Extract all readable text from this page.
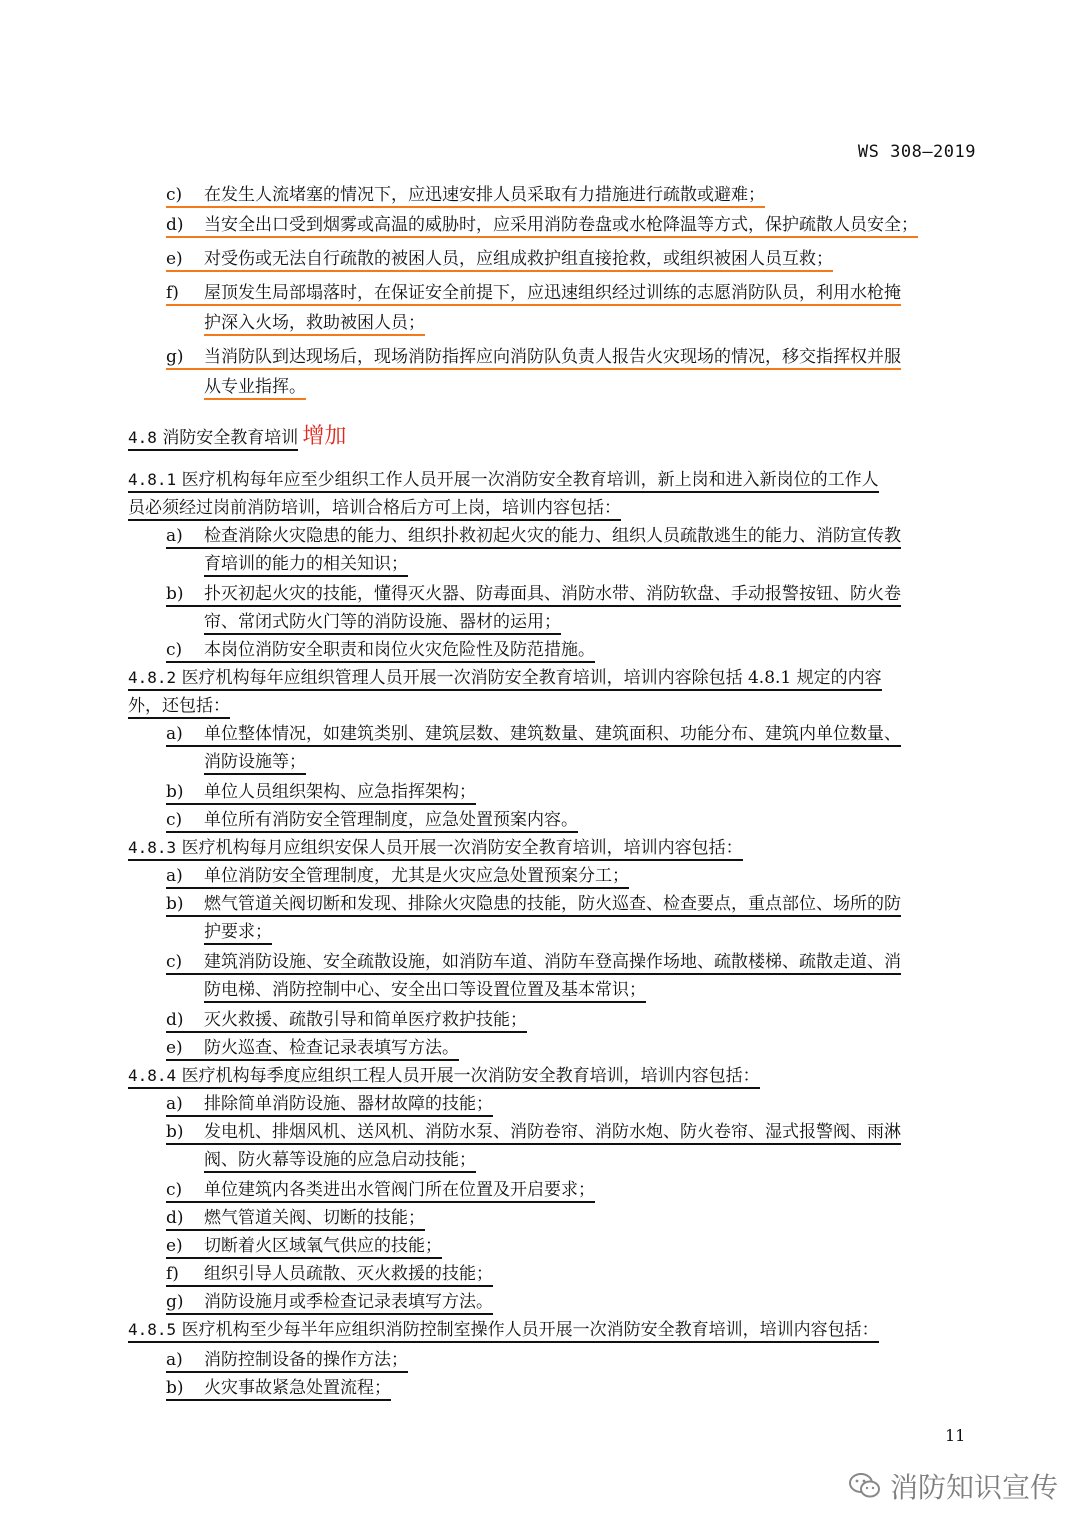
WS 308—2019
c) 在发生人流堵塞的情况下，应迅速安排人员采取有力措施进行疏散或避难；
d) 当安全出口受到烟雾或高温的威胁时，应采用消防卷盘或水枪降温等方式，保护疏散人员安全；
e) 对受伤或无法自行疏散的被困人员，应组成救护组直接抢救，或组织被困人员互救；
f) 屋顶发生局部塌落时，在保证安全前提下，应迅速组织经过训练的志愿消防队员，利用水枪掩
护深入火场，救助被困人员；
g) 当消防队到达现场后，现场消防指挥应向消防队负责人报告火灾现场的情况，移交指挥权并服
从专业指挥。
4.8 消防安全教育培训 增加
4.8.1 医疗机构每年应至少组织工作人员开展一次消防安全教育培训，新上岗和进入新岗位的工作人
员必须经过岗前消防培训，培训合格后方可上岗，培训内容包括：
a) 检查消除火灾隐患的能力、组织扑救初起火灾的能力、组织人员疏散逃生的能力、消防宣传教
育培训的能力的相关知识；
b) 扑灭初起火灾的技能，懂得灭火器、防毒面具、消防水带、消防软盘、手动报警按钮、防火卷
帘、常闭式防火门等的消防设施、器材的运用；
c) 本岗位消防安全职责和岗位火灾危险性及防范措施。
4.8.2 医疗机构每年应组织管理人员开展一次消防安全教育培训，培训内容除包括 4.8.1 规定的内容
外，还包括：
a) 单位整体情况，如建筑类别、建筑层数、建筑数量、建筑面积、功能分布、建筑内单位数量、
消防设施等；
b) 单位人员组织架构、应急指挥架构；
c) 单位所有消防安全管理制度，应急处置预案内容。
4.8.3 医疗机构每月应组织安保人员开展一次消防安全教育培训，培训内容包括：
a) 单位消防安全管理制度，尤其是火灾应急处置预案分工；
b) 燃气管道关阀切断和发现、排除火灾隐患的技能，防火巡查、检查要点，重点部位、场所的防
护要求；
c) 建筑消防设施、安全疏散设施，如消防车道、消防车登高操作场地、疏散楼梯、疏散走道、消
防电梯、消防控制中心、安全出口等设置位置及基本常识；
d) 灭火救援、疏散引导和简单医疗救护技能；
e) 防火巡查、检查记录表填写方法。
4.8.4 医疗机构每季度应组织工程人员开展一次消防安全教育培训，培训内容包括：
a) 排除简单消防设施、器材故障的技能；
b) 发电机、排烟风机、送风机、消防水泵、消防卷帘、消防水炮、防火卷帘、湿式报警阀、雨淋
阀、防火幕等设施的应急启动技能；
c) 单位建筑内各类进出水管阀门所在位置及开启要求；
d) 燃气管道关阀、切断的技能；
e) 切断着火区域氧气供应的技能；
f) 组织引导人员疏散、灭火救援的技能；
g) 消防设施月或季检查记录表填写方法。
4.8.5 医疗机构至少每半年应组织消防控制室操作人员开展一次消防安全教育培训，培训内容包括：
a) 消防控制设备的操作方法；
b) 火灾事故紧急处置流程；
11
消防知识宣传
